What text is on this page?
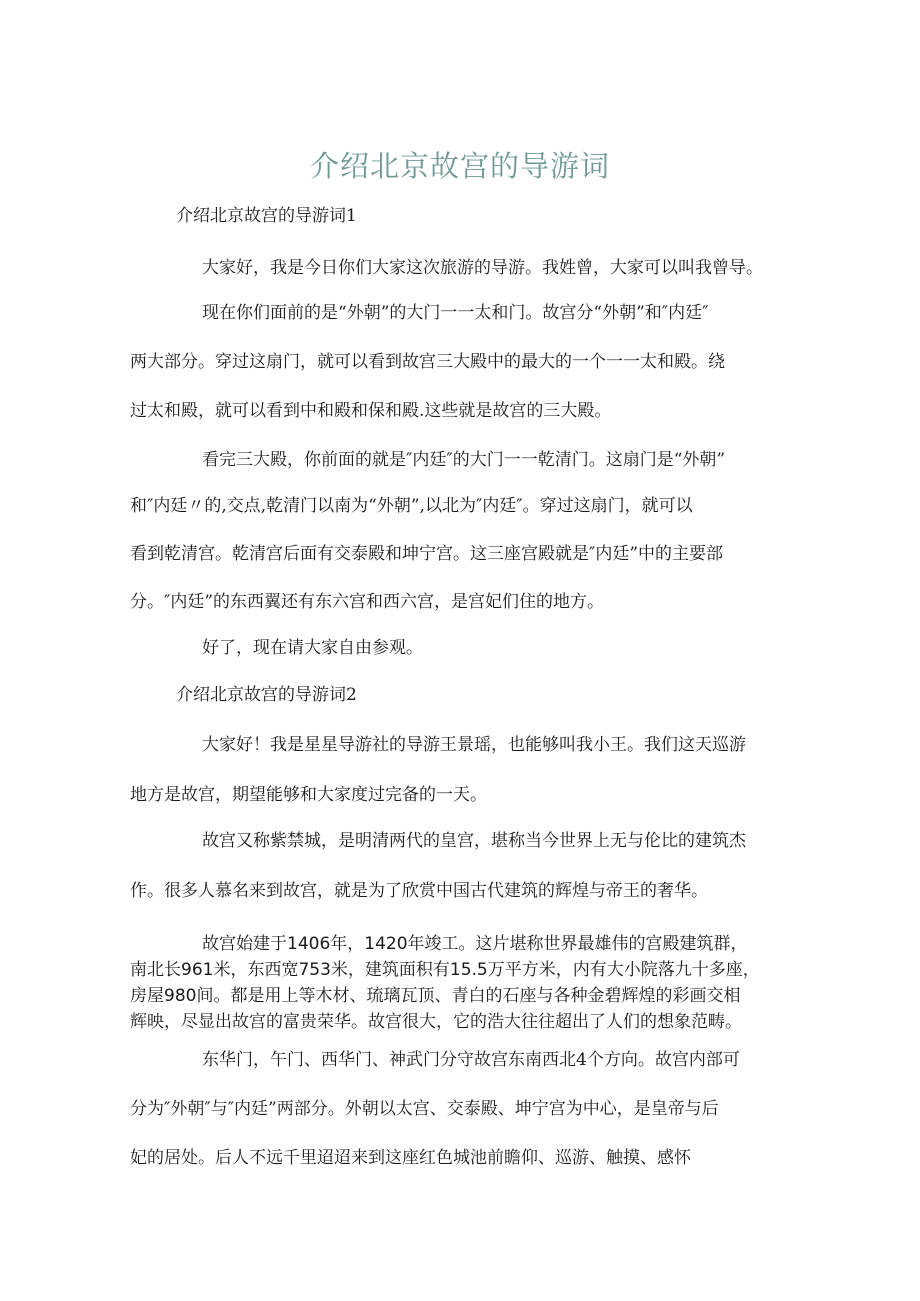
介绍北京故宫的导游词
介绍北京故宫的导游词1
大家好，我是今日你们大家这次旅游的导游。我姓曾，大家可以叫我曾导。
现在你们面前的是“外朝”的大门一一太和门。故宫分“外朝”和″内廷″
两大部分。穿过这扇门，就可以看到故宫三大殿中的最大的一个一一太和殿。绕
过太和殿，就可以看到中和殿和保和殿.这些就是故宫的三大殿。
看完三大殿，你前面的就是″内廷″的大门一一乾清门。这扇门是“外朝”
和″内廷〃的,交点,乾清门以南为“外朝”,以北为″内廷″。穿过这扇门，就可以
看到乾清宫。乾清宫后面有交泰殿和坤宁宫。这三座宫殿就是″内廷”中的主要部
分。″内廷”的东西翼还有东六宫和西六宫，是宫妃们住的地方。
好了，现在请大家自由参观。
介绍北京故宫的导游词2
大家好！我是星星导游社的导游王景瑶，也能够叫我小王。我们这天巡游
地方是故宫，期望能够和大家度过完备的一天。
故宫又称紫禁城，是明清两代的皇宫，堪称当今世界上无与伦比的建筑杰
作。很多人慕名来到故宫，就是为了欣赏中国古代建筑的辉煌与帝王的奢华。
故宫始建于1406年，1420年竣工。这片堪称世界最雄伟的宫殿建筑群，
南北长961米，东西宽753米，建筑面积有15.5万平方米，内有大小院落九十多座，
房屋980间。都是用上等木材、琉璃瓦顶、青白的石座与各种金碧辉煌的彩画交相
辉映，尽显出故宫的富贵荣华。故宫很大，它的浩大往往超出了人们的想象范畴。
东华门，午门、西华门、神武门分守故宫东南西北4个方向。故宫内部可
分为″外朝″与″内廷”两部分。外朝以太宫、交泰殿、坤宁宫为中心，是皇帝与后
妃的居处。后人不远千里迢迢来到这座红色城池前瞻仰、巡游、触摸、感怀
